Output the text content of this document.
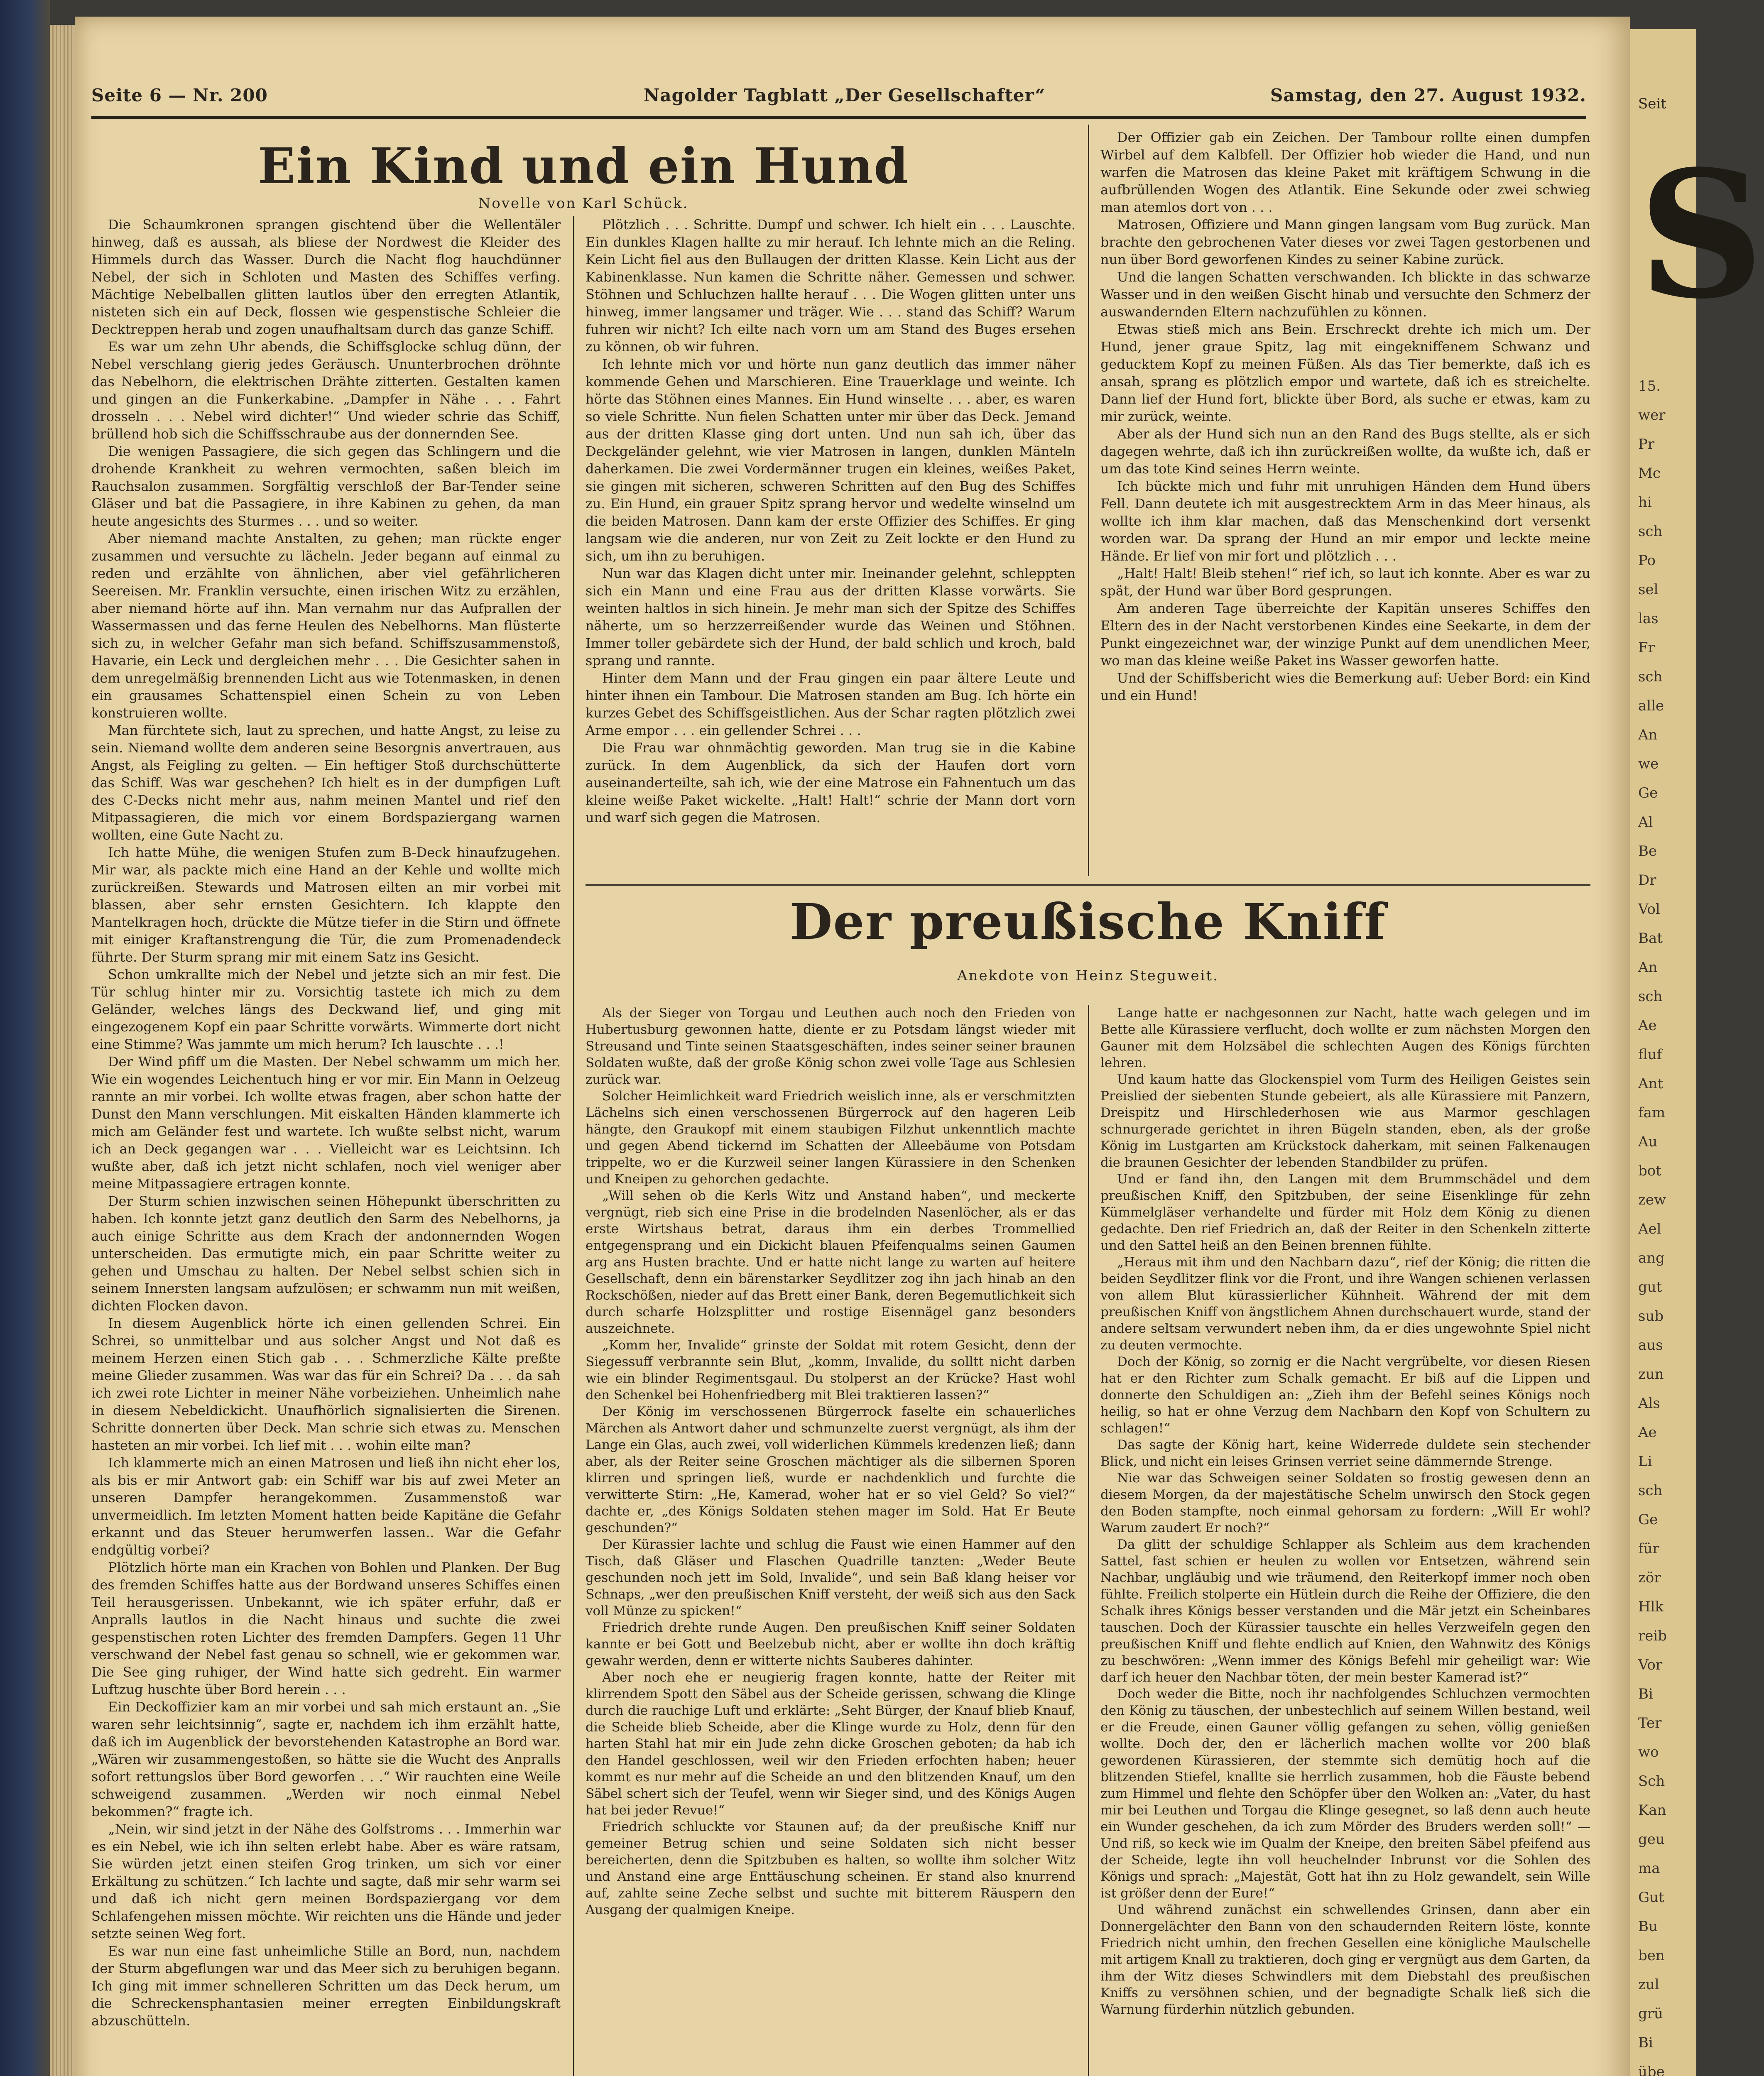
Seite 6 — Nr. 200	Nagolder Tagblatt „Der Gesellschafter“	Samstag, den 27. August 1932.
Ein Kind und ein Hund
Novelle von Karl Schück.

Die Schaumkronen sprangen gischtend über die Wellentäler hinweg, daß es aussah, als bliese der Nordwest die Kleider des Himmels durch das Wasser. Durch die Nacht flog hauchdünner Nebel, der sich in Schloten und Masten des Schiffes verfing. Mächtige Nebelballen glitten lautlos über den erregten Atlantik, nisteten sich ein auf Deck, flossen wie gespenstische Schleier die Decktreppen herab und zogen unaufhaltsam durch das ganze Schiff.

Es war um zehn Uhr abends, die Schiffsglocke schlug dünn, der Nebel verschlang gierig jedes Geräusch. Ununterbrochen dröhnte das Nebelhorn, die elektrischen Drähte zitterten. Gestalten kamen und gingen an die Funkerkabine. „Dampfer in Nähe . . . Fahrt drosseln . . . Nebel wird dichter!“ Und wieder schrie das Schiff, brüllend hob sich die Schiffsschraube aus der donnernden See.

Die wenigen Passagiere, die sich gegen das Schlingern und die drohende Krankheit zu wehren vermochten, saßen bleich im Rauchsalon zusammen. Sorgfältig verschloß der Bar-Tender seine Gläser und bat die Passagiere, in ihre Kabinen zu gehen, da man heute angesichts des Sturmes . . . und so weiter.

Aber niemand machte Anstalten, zu gehen; man rückte enger zusammen und versuchte zu lächeln. Jeder begann auf einmal zu reden und erzählte von ähnlichen, aber viel gefährlicheren Seereisen. Mr. Franklin versuchte, einen irischen Witz zu erzählen, aber niemand hörte auf ihn. Man vernahm nur das Aufprallen der Wassermassen und das ferne Heulen des Nebelhorns. Man flüsterte sich zu, in welcher Gefahr man sich befand. Schiffszusammenstoß, Havarie, ein Leck und dergleichen mehr . . . Die Gesichter sahen in dem unregelmäßig brennenden Licht aus wie Totenmasken, in denen ein grausames Schattenspiel einen Schein zu von Leben konstruieren wollte.

Man fürchtete sich, laut zu sprechen, und hatte Angst, zu leise zu sein. Niemand wollte dem anderen seine Besorgnis anvertrauen, aus Angst, als Feigling zu gelten. — Ein heftiger Stoß durchschütterte das Schiff. Was war geschehen? Ich hielt es in der dumpfigen Luft des C-Decks nicht mehr aus, nahm meinen Mantel und rief den Mitpassagieren, die mich vor einem Bordspaziergang warnen wollten, eine Gute Nacht zu.

Ich hatte Mühe, die wenigen Stufen zum B-Deck hinaufzugehen. Mir war, als packte mich eine Hand an der Kehle und wollte mich zurückreißen. Stewards und Matrosen eilten an mir vorbei mit blassen, aber sehr ernsten Gesichtern. Ich klappte den Mantelkragen hoch, drückte die Mütze tiefer in die Stirn und öffnete mit einiger Kraftanstrengung die Tür, die zum Promenadendeck führte. Der Sturm sprang mir mit einem Satz ins Gesicht.

Schon umkrallte mich der Nebel und jetzte sich an mir fest. Die Tür schlug hinter mir zu. Vorsichtig tastete ich mich zu dem Geländer, welches längs des Deckwand lief, und ging mit eingezogenem Kopf ein paar Schritte vorwärts. Wimmerte dort nicht eine Stimme? Was jammte um mich herum? Ich lauschte . . .!

Der Wind pfiff um die Masten. Der Nebel schwamm um mich her. Wie ein wogendes Leichentuch hing er vor mir. Ein Mann in Oelzeug rannte an mir vorbei. Ich wollte etwas fragen, aber schon hatte der Dunst den Mann verschlungen. Mit eiskalten Händen klammerte ich mich am Geländer fest und wartete. Ich wußte selbst nicht, warum ich an Deck gegangen war . . . Vielleicht war es Leichtsinn. Ich wußte aber, daß ich jetzt nicht schlafen, noch viel weniger aber meine Mitpassagiere ertragen konnte.

Der Sturm schien inzwischen seinen Höhepunkt überschritten zu haben. Ich konnte jetzt ganz deutlich den Sarm des Nebelhorns, ja auch einige Schritte aus dem Krach der andonnernden Wogen unterscheiden. Das ermutigte mich, ein paar Schritte weiter zu gehen und Umschau zu halten. Der Nebel selbst schien sich in seinem Innersten langsam aufzulösen; er schwamm nun mit weißen, dichten Flocken davon.

In diesem Augenblick hörte ich einen gellenden Schrei. Ein Schrei, so unmittelbar und aus solcher Angst und Not daß es meinem Herzen einen Stich gab . . . Schmerzliche Kälte preßte meine Glieder zusammen. Was war das für ein Schrei? Da . . . da sah ich zwei rote Lichter in meiner Nähe vorbeiziehen. Unheimlich nahe in diesem Nebeldickicht. Unaufhörlich signalisierten die Sirenen. Schritte donnerten über Deck. Man schrie sich etwas zu. Menschen hasteten an mir vorbei. Ich lief mit . . . wohin eilte man?

Ich klammerte mich an einen Matrosen und ließ ihn nicht eher los, als bis er mir Antwort gab: ein Schiff war bis auf zwei Meter an unseren Dampfer herangekommen. Zusammenstoß war unvermeidlich. Im letzten Moment hatten beide Kapitäne die Gefahr erkannt und das Steuer herumwerfen lassen.. War die Gefahr endgültig vorbei?

Plötzlich hörte man ein Krachen von Bohlen und Planken. Der Bug des fremden Schiffes hatte aus der Bordwand unseres Schiffes einen Teil herausgerissen. Unbekannt, wie ich später erfuhr, daß er Anpralls lautlos in die Nacht hinaus und suchte die zwei gespenstischen roten Lichter des fremden Dampfers. Gegen 11 Uhr verschwand der Nebel fast genau so schnell, wie er gekommen war. Die See ging ruhiger, der Wind hatte sich gedreht. Ein warmer Luftzug huschte über Bord herein . . .

Ein Deckoffizier kam an mir vorbei und sah mich erstaunt an. „Sie waren sehr leichtsinnig“, sagte er, nachdem ich ihm erzählt hatte, daß ich im Augenblick der bevorstehenden Katastrophe an Bord war. „Wären wir zusammengestoßen, so hätte sie die Wucht des Anpralls sofort rettungslos über Bord geworfen . . .“ Wir rauchten eine Weile schweigend zusammen. „Werden wir noch einmal Nebel bekommen?“ fragte ich.

„Nein, wir sind jetzt in der Nähe des Golfstroms . . . Immerhin war es ein Nebel, wie ich ihn selten erlebt habe. Aber es wäre ratsam, Sie würden jetzt einen steifen Grog trinken, um sich vor einer Erkältung zu schützen.“ Ich lachte und sagte, daß mir sehr warm sei und daß ich nicht gern meinen Bordspaziergang vor dem Schlafengehen missen möchte. Wir reichten uns die Hände und jeder setzte seinen Weg fort.

Es war nun eine fast unheimliche Stille an Bord, nun, nachdem der Sturm abgeflungen war und das Meer sich zu beruhigen begann. Ich ging mit immer schnelleren Schritten um das Deck herum, um die Schreckensphantasien meiner erregten Einbildungskraft abzuschütteln.

Plötzlich . . . Schritte. Dumpf und schwer. Ich hielt ein . . . Lauschte. Ein dunkles Klagen hallte zu mir herauf. Ich lehnte mich an die Reling. Kein Licht fiel aus den Bullaugen der dritten Klasse. Kein Licht aus der Kabinenklasse. Nun kamen die Schritte näher. Gemessen und schwer. Stöhnen und Schluchzen hallte herauf . . . Die Wogen glitten unter uns hinweg, immer langsamer und träger. Wie . . . stand das Schiff? Warum fuhren wir nicht? Ich eilte nach vorn um am Stand des Buges ersehen zu können, ob wir fuhren.

Ich lehnte mich vor und hörte nun ganz deutlich das immer näher kommende Gehen und Marschieren. Eine Trauerklage und weinte. Ich hörte das Stöhnen eines Mannes. Ein Hund winselte . . . aber, es waren so viele Schritte. Nun fielen Schatten unter mir über das Deck. Jemand aus der dritten Klasse ging dort unten. Und nun sah ich, über das Deckgeländer gelehnt, wie vier Matrosen in langen, dunklen Mänteln daherkamen. Die zwei Vordermänner trugen ein kleines, weißes Paket, sie gingen mit sicheren, schweren Schritten auf den Bug des Schiffes zu. Ein Hund, ein grauer Spitz sprang hervor und wedelte winselnd um die beiden Matrosen. Dann kam der erste Offizier des Schiffes. Er ging langsam wie die anderen, nur von Zeit zu Zeit lockte er den Hund zu sich, um ihn zu beruhigen.

Nun war das Klagen dicht unter mir. Ineinander gelehnt, schleppten sich ein Mann und eine Frau aus der dritten Klasse vorwärts. Sie weinten haltlos in sich hinein. Je mehr man sich der Spitze des Schiffes näherte, um so herzzerreißender wurde das Weinen und Stöhnen. Immer toller gebärdete sich der Hund, der bald schlich und kroch, bald sprang und rannte.

Hinter dem Mann und der Frau gingen ein paar ältere Leute und hinter ihnen ein Tambour. Die Matrosen standen am Bug. Ich hörte ein kurzes Gebet des Schiffsgeistlichen. Aus der Schar ragten plötzlich zwei Arme empor . . . ein gellender Schrei . . .

Die Frau war ohnmächtig geworden. Man trug sie in die Kabine zurück. In dem Augenblick, da sich der Haufen dort vorn auseinanderteilte, sah ich, wie der eine Matrose ein Fahnentuch um das kleine weiße Paket wickelte. „Halt! Halt!“ schrie der Mann dort vorn und warf sich gegen die Matrosen.

Der Offizier gab ein Zeichen. Der Tambour rollte einen dumpfen Wirbel auf dem Kalbfell. Der Offizier hob wieder die Hand, und nun warfen die Matrosen das kleine Paket mit kräftigem Schwung in die aufbrüllenden Wogen des Atlantik. Eine Sekunde oder zwei schwieg man atemlos dort von . . .

Matrosen, Offiziere und Mann gingen langsam vom Bug zurück. Man brachte den gebrochenen Vater dieses vor zwei Tagen gestorbenen und nun über Bord geworfenen Kindes zu seiner Kabine zurück.

Und die langen Schatten verschwanden. Ich blickte in das schwarze Wasser und in den weißen Gischt hinab und versuchte den Schmerz der auswandernden Eltern nachzufühlen zu können.

Etwas stieß mich ans Bein. Erschreckt drehte ich mich um. Der Hund, jener graue Spitz, lag mit eingekniffenem Schwanz und geducktem Kopf zu meinen Füßen. Als das Tier bemerkte, daß ich es ansah, sprang es plötzlich empor und wartete, daß ich es streichelte. Dann lief der Hund fort, blickte über Bord, als suche er etwas, kam zu mir zurück, weinte.

Aber als der Hund sich nun an den Rand des Bugs stellte, als er sich dagegen wehrte, daß ich ihn zurückreißen wollte, da wußte ich, daß er um das tote Kind seines Herrn weinte.

Ich bückte mich und fuhr mit unruhigen Händen dem Hund übers Fell. Dann deutete ich mit ausgestrecktem Arm in das Meer hinaus, als wollte ich ihm klar machen, daß das Menschenkind dort versenkt worden war. Da sprang der Hund an mir empor und leckte meine Hände. Er lief von mir fort und plötzlich . . .

„Halt! Halt! Bleib stehen!“ rief ich, so laut ich konnte. Aber es war zu spät, der Hund war über Bord gesprungen.

Am anderen Tage überreichte der Kapitän unseres Schiffes den Eltern des in der Nacht verstorbenen Kindes eine Seekarte, in dem der Punkt eingezeichnet war, der winzige Punkt auf dem unendlichen Meer, wo man das kleine weiße Paket ins Wasser geworfen hatte.

Und der Schiffsbericht wies die Bemerkung auf: Ueber Bord: ein Kind und ein Hund!

Der preußische Kniff
Anekdote von Heinz Steguweit.

Als der Sieger von Torgau und Leuthen auch noch den Frieden von Hubertusburg gewonnen hatte, diente er zu Potsdam längst wieder mit Streusand und Tinte seinen Staatsgeschäften, indes seiner seiner braunen Soldaten wußte, daß der große König schon zwei volle Tage aus Schlesien zurück war.

Solcher Heimlichkeit ward Friedrich weislich inne, als er verschmitzten Lächelns sich einen verschossenen Bürgerrock auf den hageren Leib hängte, den Graukopf mit einem staubigen Filzhut unkenntlich machte und gegen Abend tickernd im Schatten der Alleebäume von Potsdam trippelte, wo er die Kurzweil seiner langen Kürassiere in den Schenken und Kneipen zu gehorchen gedachte.

„Will sehen ob die Kerls Witz und Anstand haben“, und meckerte vergnügt, rieb sich eine Prise in die brodelnden Nasenlöcher, als er das erste Wirtshaus betrat, daraus ihm ein derbes Trommellied entgegensprang und ein Dickicht blauen Pfeifenqualms seinen Gaumen arg ans Husten brachte. Und er hatte nicht lange zu warten auf heitere Gesellschaft, denn ein bärenstarker Seydlitzer zog ihn jach hinab an den Rockschößen, nieder auf das Brett einer Bank, deren Begemutlichkeit sich durch scharfe Holzsplitter und rostige Eisennägel ganz besonders auszeichnete.

„Komm her, Invalide“ grinste der Soldat mit rotem Gesicht, denn der Siegessuff verbrannte sein Blut, „komm, Invalide, du solltt nicht darben wie ein blinder Regimentsgaul. Du stolperst an der Krücke? Hast wohl den Schenkel bei Hohenfriedberg mit Blei traktieren lassen?“

Der König im verschossenen Bürgerrock faselte ein schauerliches Märchen als Antwort daher und schmunzelte zuerst vergnügt, als ihm der Lange ein Glas, auch zwei, voll widerlichen Kümmels kredenzen ließ; dann aber, als der Reiter seine Groschen mächtiger als die silbernen Sporen klirren und springen ließ, wurde er nachdenklich und furchte die verwitterte Stirn: „He, Kamerad, woher hat er so viel Geld? So viel?“ dachte er, „des Königs Soldaten stehen mager im Sold. Hat Er Beute geschunden?“

Der Kürassier lachte und schlug die Faust wie einen Hammer auf den Tisch, daß Gläser und Flaschen Quadrille tanzten: „Weder Beute geschunden noch jett im Sold, Invalide“, und sein Baß klang heiser vor Schnaps, „wer den preußischen Kniff versteht, der weiß sich aus den Sack voll Münze zu spicken!“

Friedrich drehte runde Augen. Den preußischen Kniff seiner Soldaten kannte er bei Gott und Beelzebub nicht, aber er wollte ihn doch kräftig gewahr werden, denn er witterte nichts Sauberes dahinter.

Aber noch ehe er neugierig fragen konnte, hatte der Reiter mit klirrendem Spott den Säbel aus der Scheide gerissen, schwang die Klinge durch die rauchige Luft und erklärte: „Seht Bürger, der Knauf blieb Knauf, die Scheide blieb Scheide, aber die Klinge wurde zu Holz, denn für den harten Stahl hat mir ein Jude zehn dicke Groschen geboten; da hab ich den Handel geschlossen, weil wir den Frieden erfochten haben; heuer kommt es nur mehr auf die Scheide an und den blitzenden Knauf, um den Säbel schert sich der Teufel, wenn wir Sieger sind, und des Königs Augen hat bei jeder Revue!“

Friedrich schluckte vor Staunen auf; da der preußische Kniff nur gemeiner Betrug schien und seine Soldaten sich nicht besser bereicherten, denn die Spitzbuben es halten, so wollte ihm solcher Witz und Anstand eine arge Enttäuschung scheinen. Er stand also knurrend auf, zahlte seine Zeche selbst und suchte mit bitterem Räuspern den Ausgang der qualmigen Kneipe.

Lange hatte er nachgesonnen zur Nacht, hatte wach gelegen und im Bette alle Kürassiere verflucht, doch wollte er zum nächsten Morgen den Gauner mit dem Holzsäbel die schlechten Augen des Königs fürchten lehren.

Und kaum hatte das Glockenspiel vom Turm des Heiligen Geistes sein Preislied der siebenten Stunde gebeiert, als alle Kürassiere mit Panzern, Dreispitz und Hirschlederhosen wie aus Marmor geschlagen schnurgerade gerichtet in ihren Bügeln standen, eben, als der große König im Lustgarten am Krückstock daherkam, mit seinen Falkenaugen die braunen Gesichter der lebenden Standbilder zu prüfen.

Und er fand ihn, den Langen mit dem Brummschädel und dem preußischen Kniff, den Spitzbuben, der seine Eisenklinge für zehn Kümmelgläser verhandelte und fürder mit Holz dem König zu dienen gedachte. Den rief Friedrich an, daß der Reiter in den Schenkeln zitterte und den Sattel heiß an den Beinen brennen fühlte.

„Heraus mit ihm und den Nachbarn dazu“, rief der König; die ritten die beiden Seydlitzer flink vor die Front, und ihre Wangen schienen verlassen von allem Blut kürassierlicher Kühnheit. Während der mit dem preußischen Kniff von ängstlichem Ahnen durchschauert wurde, stand der andere seltsam verwundert neben ihm, da er dies ungewohnte Spiel nicht zu deuten vermochte.

Doch der König, so zornig er die Nacht vergrübelte, vor diesen Riesen hat er den Richter zum Schalk gemacht. Er biß auf die Lippen und donnerte den Schuldigen an: „Zieh ihm der Befehl seines Königs noch heilig, so hat er ohne Verzug dem Nachbarn den Kopf von Schultern zu schlagen!“

Das sagte der König hart, keine Widerrede duldete sein stechender Blick, und nicht ein leises Grinsen verriet seine dämmernde Strenge.

Nie war das Schweigen seiner Soldaten so frostig gewesen denn an diesem Morgen, da der majestätische Schelm unwirsch den Stock gegen den Boden stampfte, noch einmal gehorsam zu fordern: „Will Er wohl? Warum zaudert Er noch?“

Da glitt der schuldige Schlapper als Schleim aus dem krachenden Sattel, fast schien er heulen zu wollen vor Entsetzen, während sein Nachbar, ungläubig und wie träumend, den Reiterkopf immer noch oben fühlte. Freilich stolperte ein Hütlein durch die Reihe der Offiziere, die den Schalk ihres Königs besser verstanden und die Mär jetzt ein Scheinbares tauschen. Doch der Kürassier tauschte ein helles Verzweifeln gegen den preußischen Kniff und flehte endlich auf Knien, den Wahnwitz des Königs zu beschwören: „Wenn immer des Königs Befehl mir geheiligt war: Wie darf ich heuer den Nachbar töten, der mein bester Kamerad ist?“

Doch weder die Bitte, noch ihr nachfolgendes Schluchzen vermochten den König zu täuschen, der unbestechlich auf seinem Willen bestand, weil er die Freude, einen Gauner völlig gefangen zu sehen, völlig genießen wollte. Doch der, den er lächerlich machen wollte vor 200 blaß gewordenen Kürassieren, der stemmte sich demütig hoch auf die blitzenden Stiefel, knallte sie herrlich zusammen, hob die Fäuste bebend zum Himmel und flehte den Schöpfer über den Wolken an: „Vater, du hast mir bei Leuthen und Torgau die Klinge gesegnet, so laß denn auch heute ein Wunder geschehen, da ich zum Mörder des Bruders werden soll!“ — Und riß, so keck wie im Qualm der Kneipe, den breiten Säbel pfeifend aus der Scheide, legte ihn voll heuchelnder Inbrunst vor die Sohlen des Königs und sprach: „Majestät, Gott hat ihn zu Holz gewandelt, sein Wille ist größer denn der Eure!“

Und während zunächst ein schwellendes Grinsen, dann aber ein Donnergelächter den Bann von den schaudernden Reitern löste, konnte Friedrich nicht umhin, den frechen Gesellen eine königliche Maulschelle mit artigem Knall zu traktieren, doch ging er vergnügt aus dem Garten, da ihm der Witz dieses Schwindlers mit dem Diebstahl des preußischen Kniffs zu versöhnen schien, und der begnadigte Schalk ließ sich die Warnung fürderhin nützlich gebunden.

Seit
S
15.
wer
Pr
Mc
hi
sch
Po
sel
las
Fr
sch
alle
An
we
Ge
Al
Be
Dr
Vol
Bat
An
sch
Ae
fluf
Ant
fam
Au
bot
zew
Ael
ang
gut
sub
aus
zun
Als
Ae
Li
sch
Ge
für
zör
Hlk
reib
Vor
Bi
Ter
wo
Sch
Kan
geu
ma
Gut
Bu
ben
zul
grü
Bi
übe
